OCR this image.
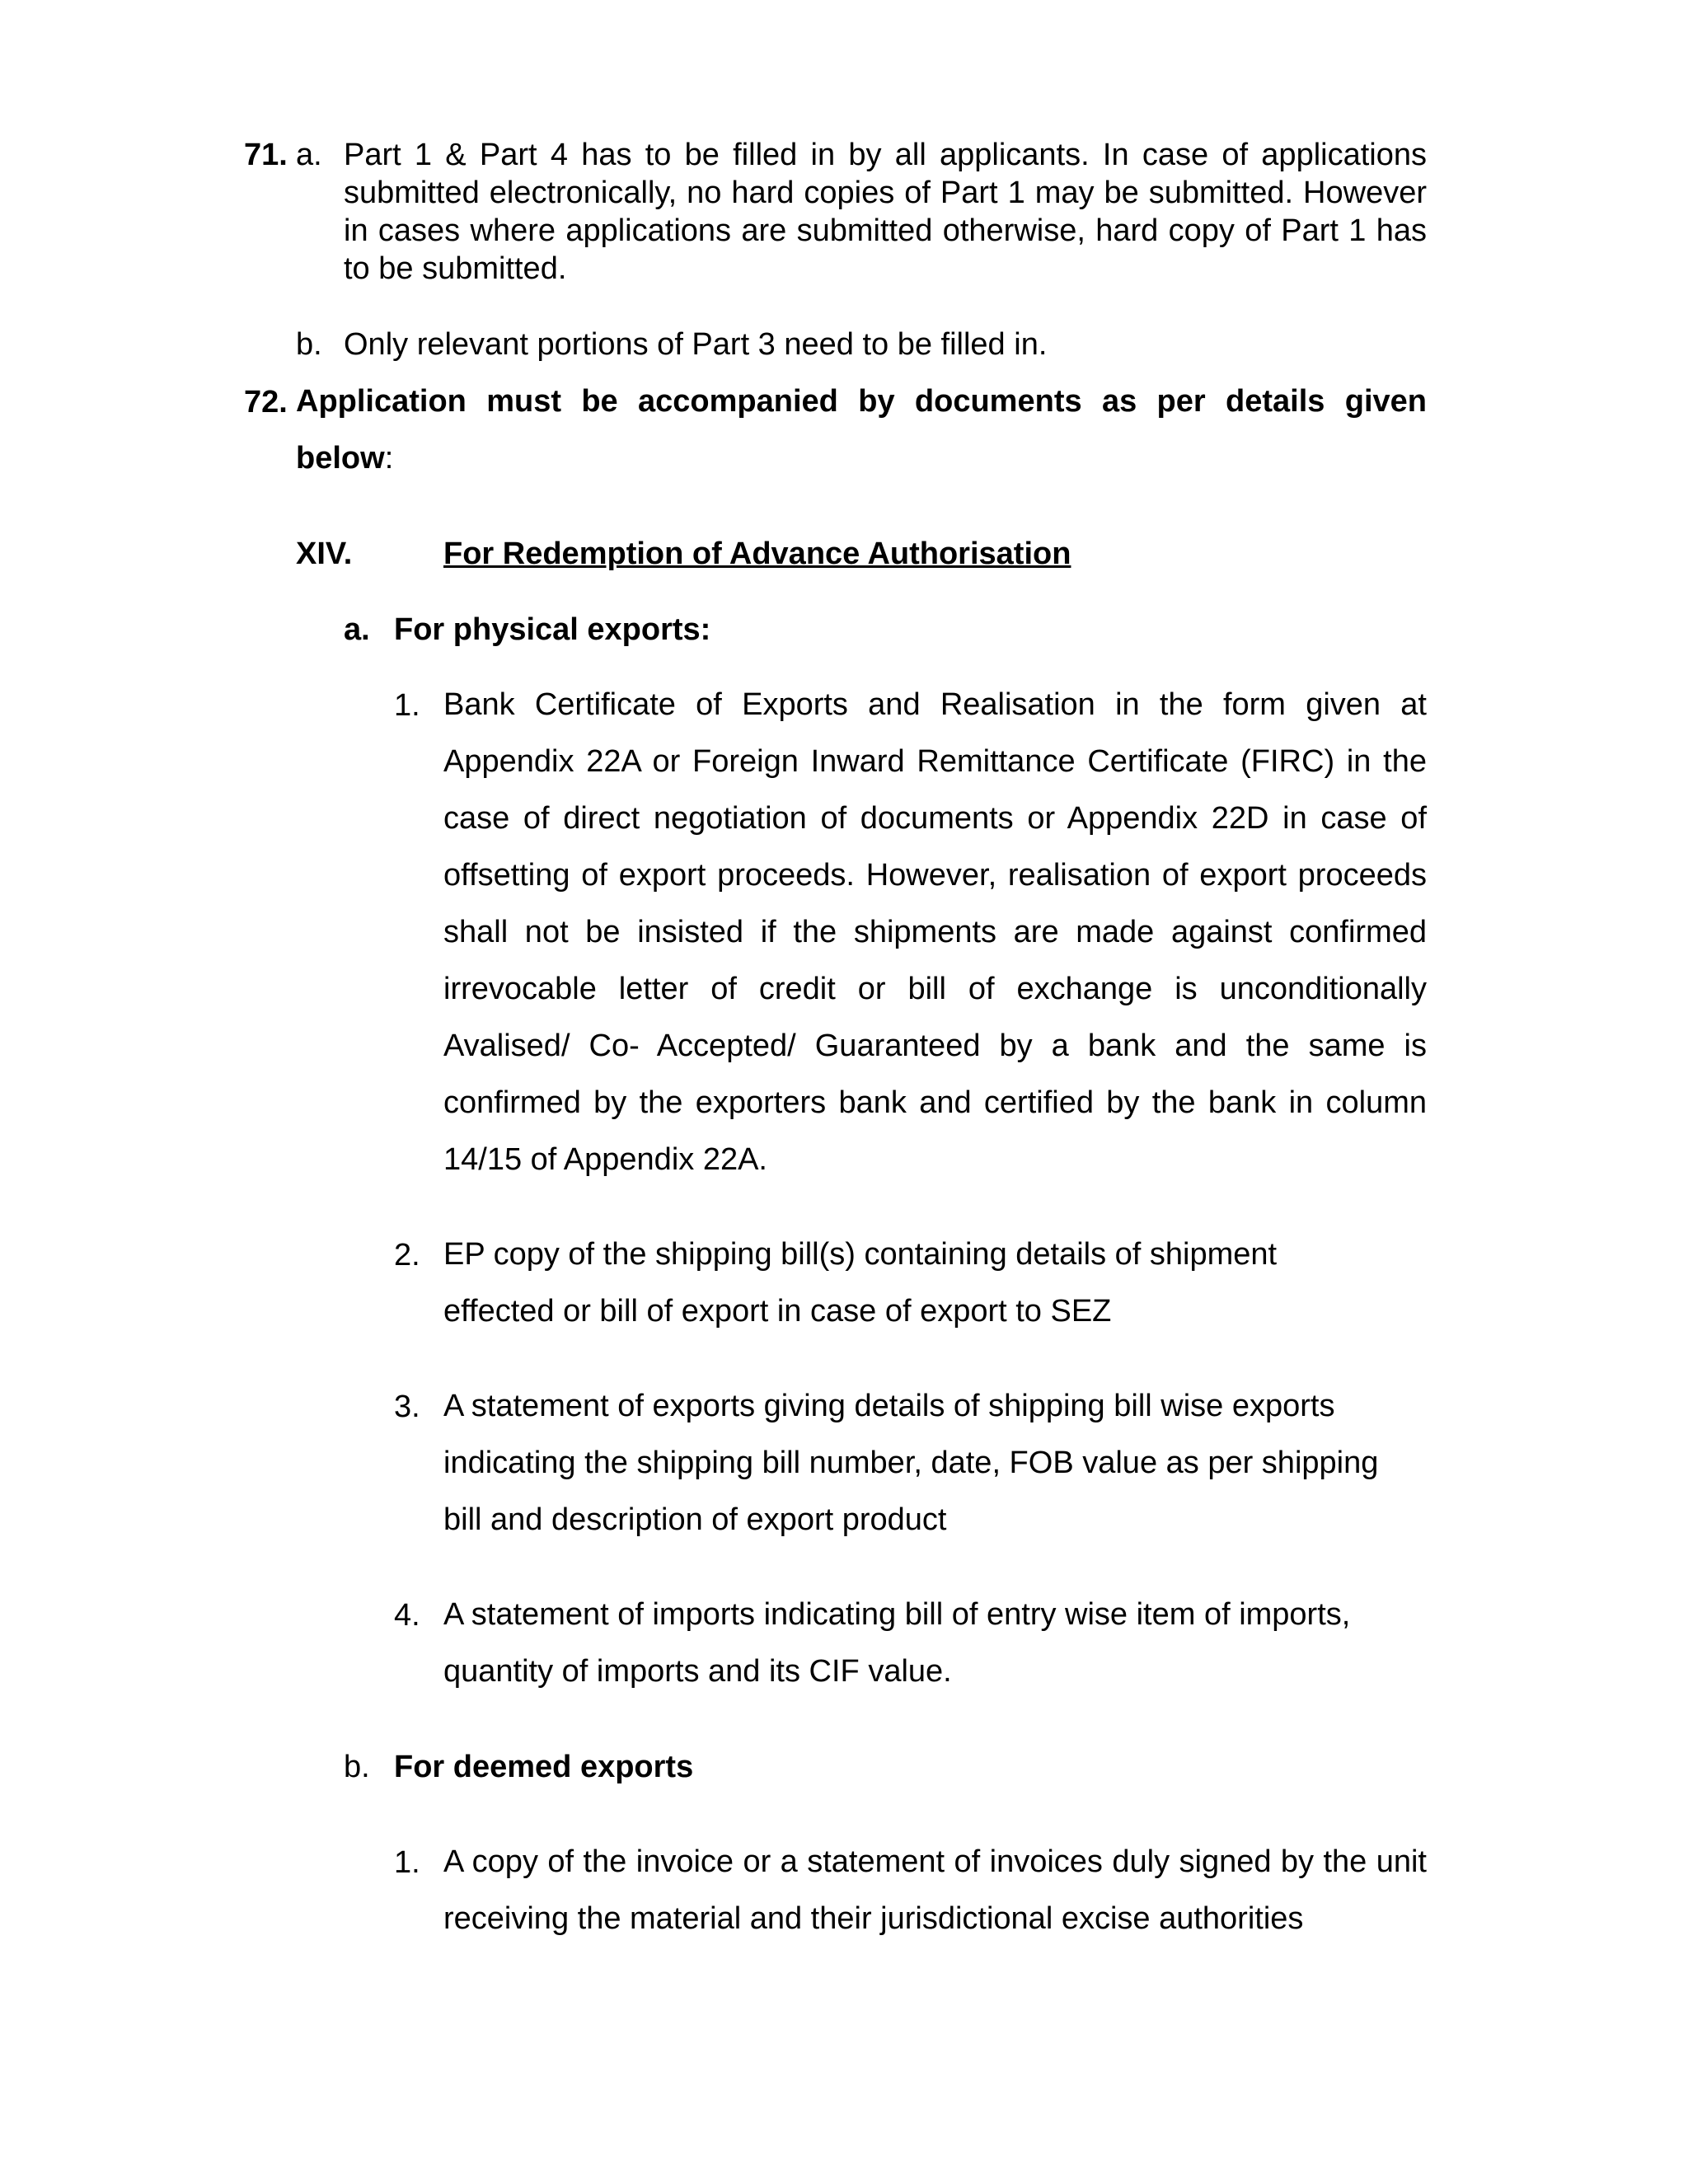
71. a. Part 1 & Part 4 has to be filled in by all applicants. In case of applications submitted electronically, no hard copies of Part 1 may be submitted. However in cases where applications are submitted otherwise, hard copy of Part 1 has to be submitted.

b. Only relevant portions of Part 3 need to be filled in.

72. Application must be accompanied by documents as per details given below:

XIV.	For Redemption of Advance Authorisation
a. For physical exports:
1. Bank Certificate of Exports and Realisation in the form given at Appendix 22A or Foreign Inward Remittance Certificate (FIRC) in the case of direct negotiation of documents or Appendix 22D in case of offsetting of export proceeds. However, realisation of export proceeds shall not be insisted if the shipments are made against confirmed irrevocable letter of credit or bill of exchange is unconditionally Avalised/ Co- Accepted/ Guaranteed by a bank and the same is confirmed by the exporters bank and certified by the bank in column 14/15 of Appendix 22A.

2. EP copy of the shipping bill(s) containing details of shipment effected or bill of export in case of export to SEZ

3. A statement of exports giving details of shipping bill wise exports indicating the shipping bill number, date, FOB value as per shipping bill and description of export product

4. A statement of imports indicating bill of entry wise item of imports, quantity of imports and its CIF value.

b. For deemed exports
1. A copy of the invoice or a statement of invoices duly signed by the unit receiving the material and their jurisdictional excise authorities
